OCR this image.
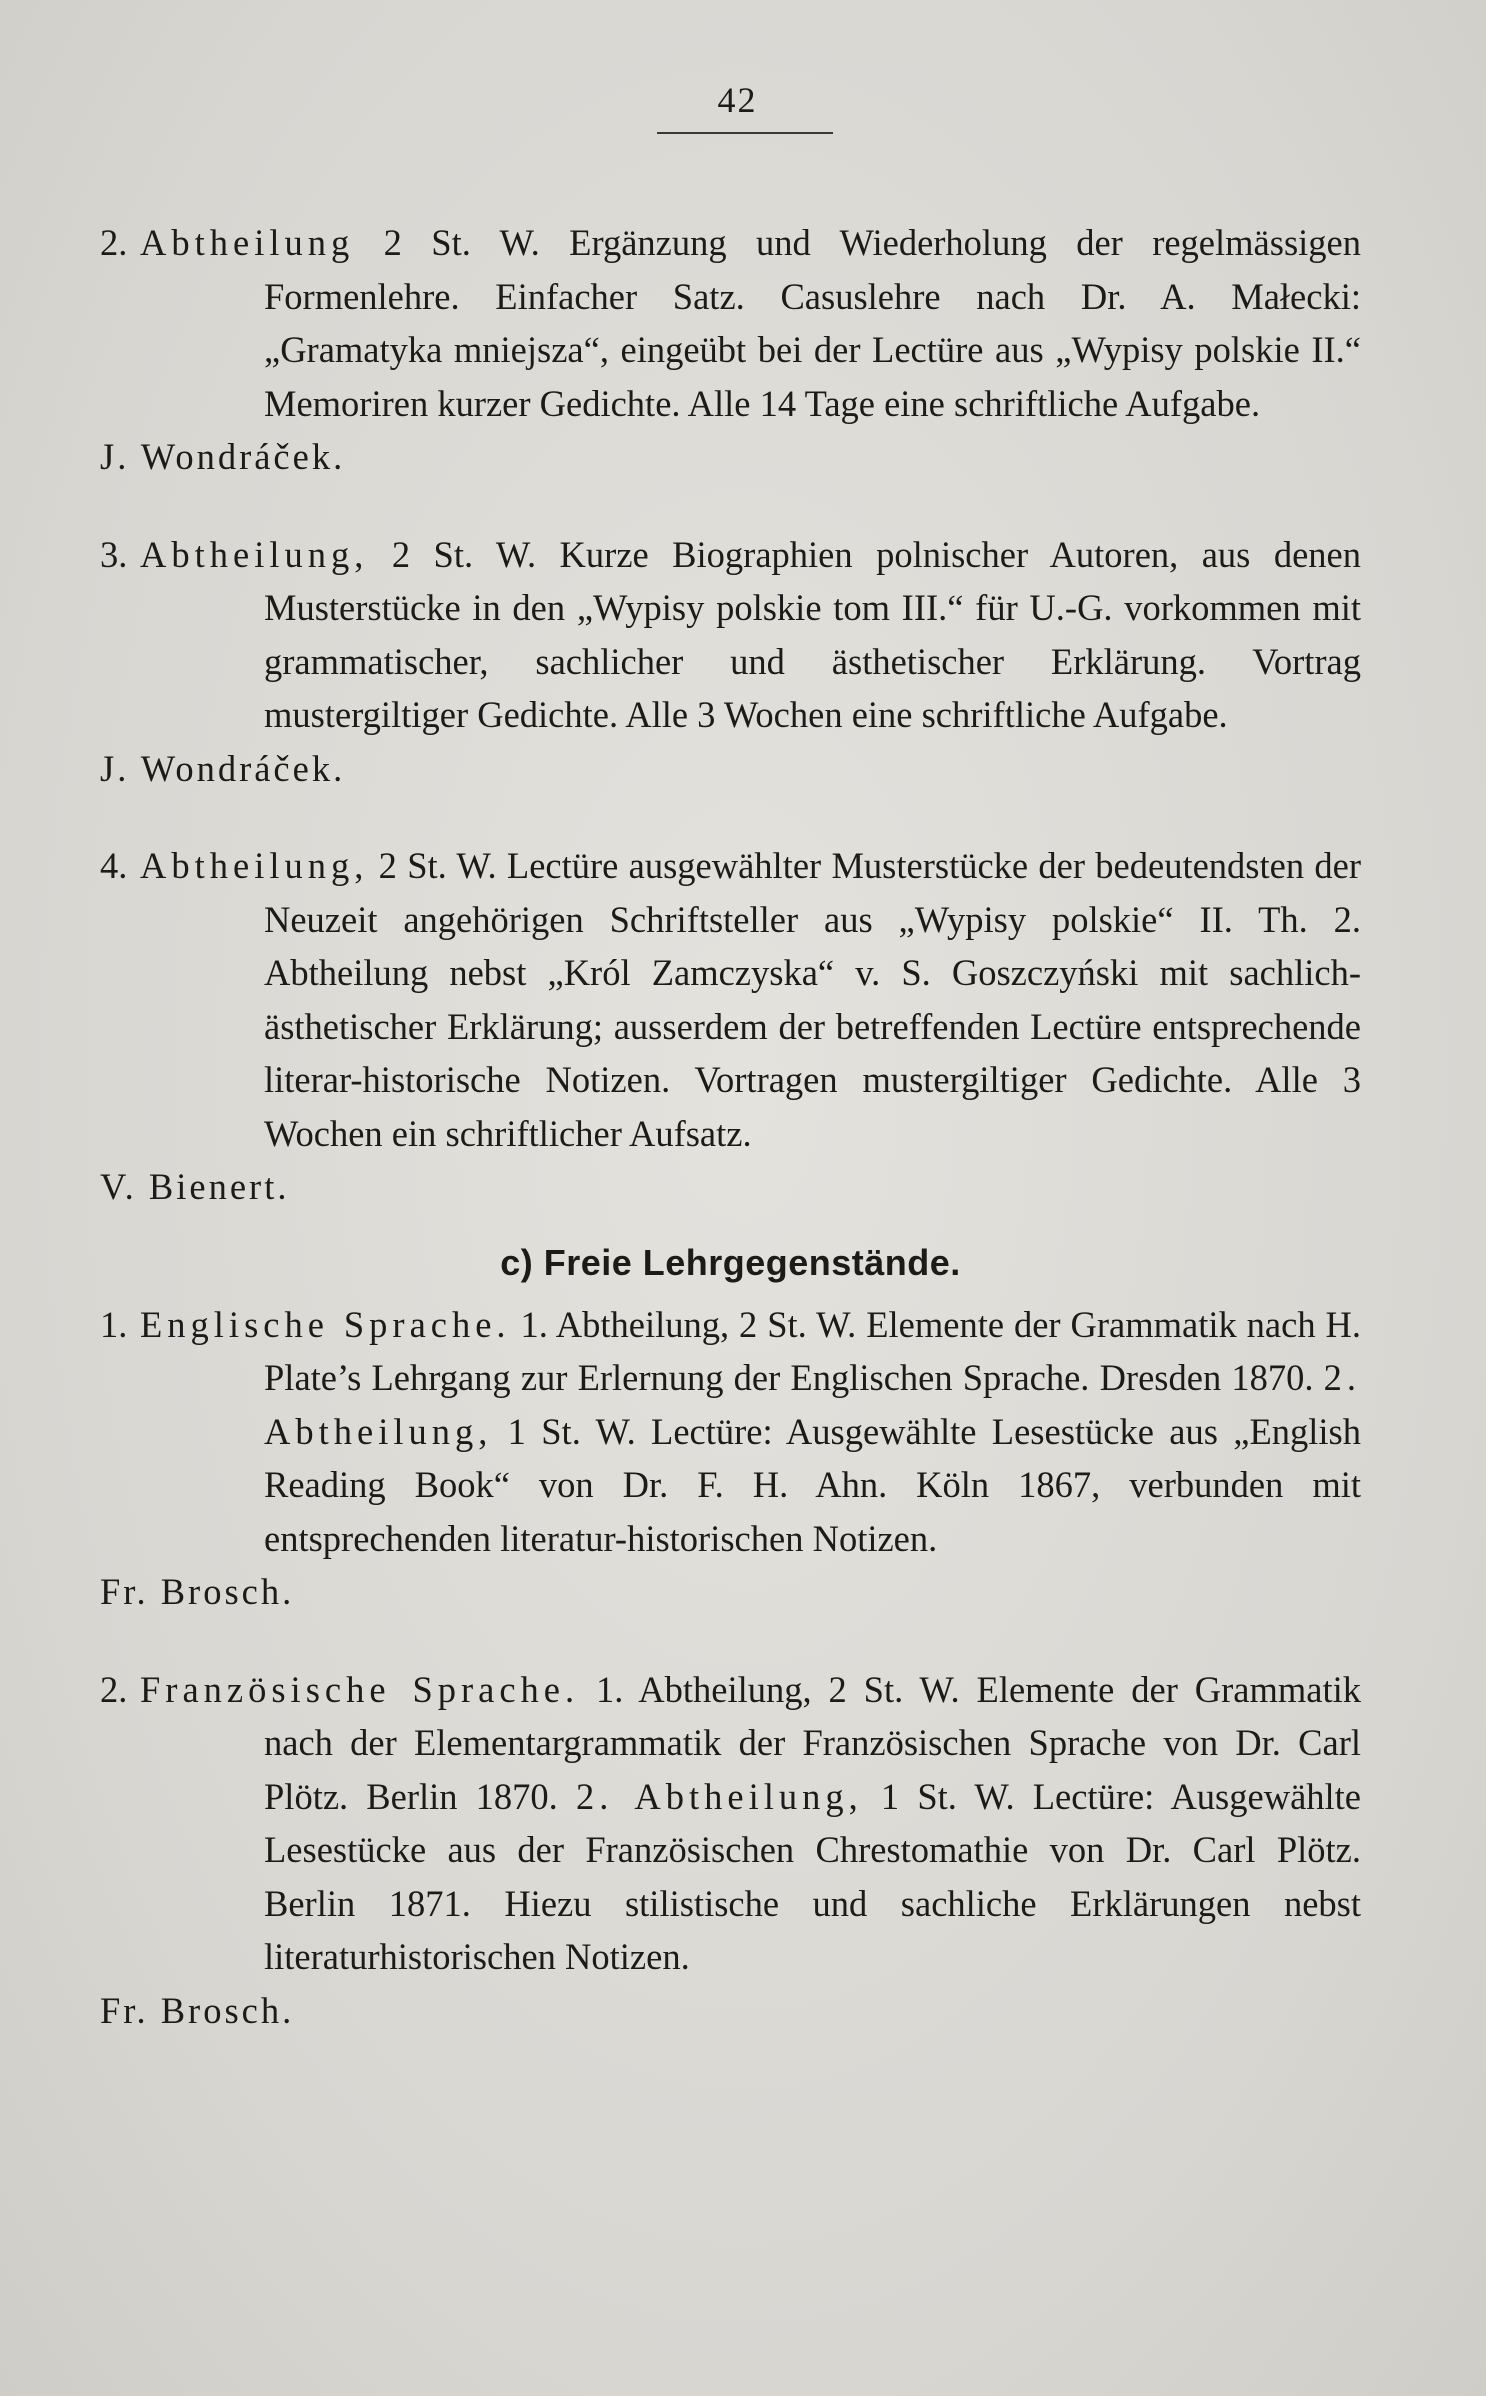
42

2. Abtheilung 2 St. W. Ergänzung und Wiederholung der regelmässigen Formenlehre. Einfacher Satz. Casuslehre nach Dr. A. Małecki: „Gramatyka mniejsza“, eingeübt bei der Lectüre aus „Wypisy polskie II.“ Memoriren kurzer Gedichte. Alle 14 Tage eine schriftliche Aufgabe.

J. Wondráček.

3. Abtheilung, 2 St. W. Kurze Biographien polnischer Autoren, aus denen Musterstücke in den „Wypisy polskie tom III.“ für U.-G. vorkommen mit grammatischer, sachlicher und ästhetischer Erklärung. Vortrag mustergiltiger Gedichte. Alle 3 Wochen eine schriftliche Aufgabe.

J. Wondráček.

4. Abtheilung, 2 St. W. Lectüre ausgewählter Musterstücke der bedeutendsten der Neuzeit angehörigen Schriftsteller aus „Wypisy polskie“ II. Th. 2. Abtheilung nebst „Król Zamczyska“ v. S. Goszczyński mit sachlich-ästhetischer Erklärung; ausserdem der betreffenden Lectüre entsprechende literar-historische Notizen. Vortragen mustergiltiger Gedichte. Alle 3 Wochen ein schriftlicher Aufsatz.

V. Bienert.

c) Freie Lehrgegenstände.

1. Englische Sprache. 1. Abtheilung, 2 St. W. Elemente der Grammatik nach H. Plate’s Lehrgang zur Erlernung der Englischen Sprache. Dresden 1870. 2. Abtheilung, 1 St. W. Lectüre: Ausgewählte Lesestücke aus „English Reading Book“ von Dr. F. H. Ahn. Köln 1867, verbunden mit entsprechenden literatur-historischen Notizen.

Fr. Brosch.

2. Französische Sprache. 1. Abtheilung, 2 St. W. Elemente der Grammatik nach der Elementargrammatik der Französischen Sprache von Dr. Carl Plötz. Berlin 1870. 2. Abtheilung, 1 St. W. Lectüre: Ausgewählte Lesestücke aus der Französischen Chrestomathie von Dr. Carl Plötz. Berlin 1871. Hiezu stilistische und sachliche Erklärungen nebst literaturhistorischen Notizen.

Fr. Brosch.
